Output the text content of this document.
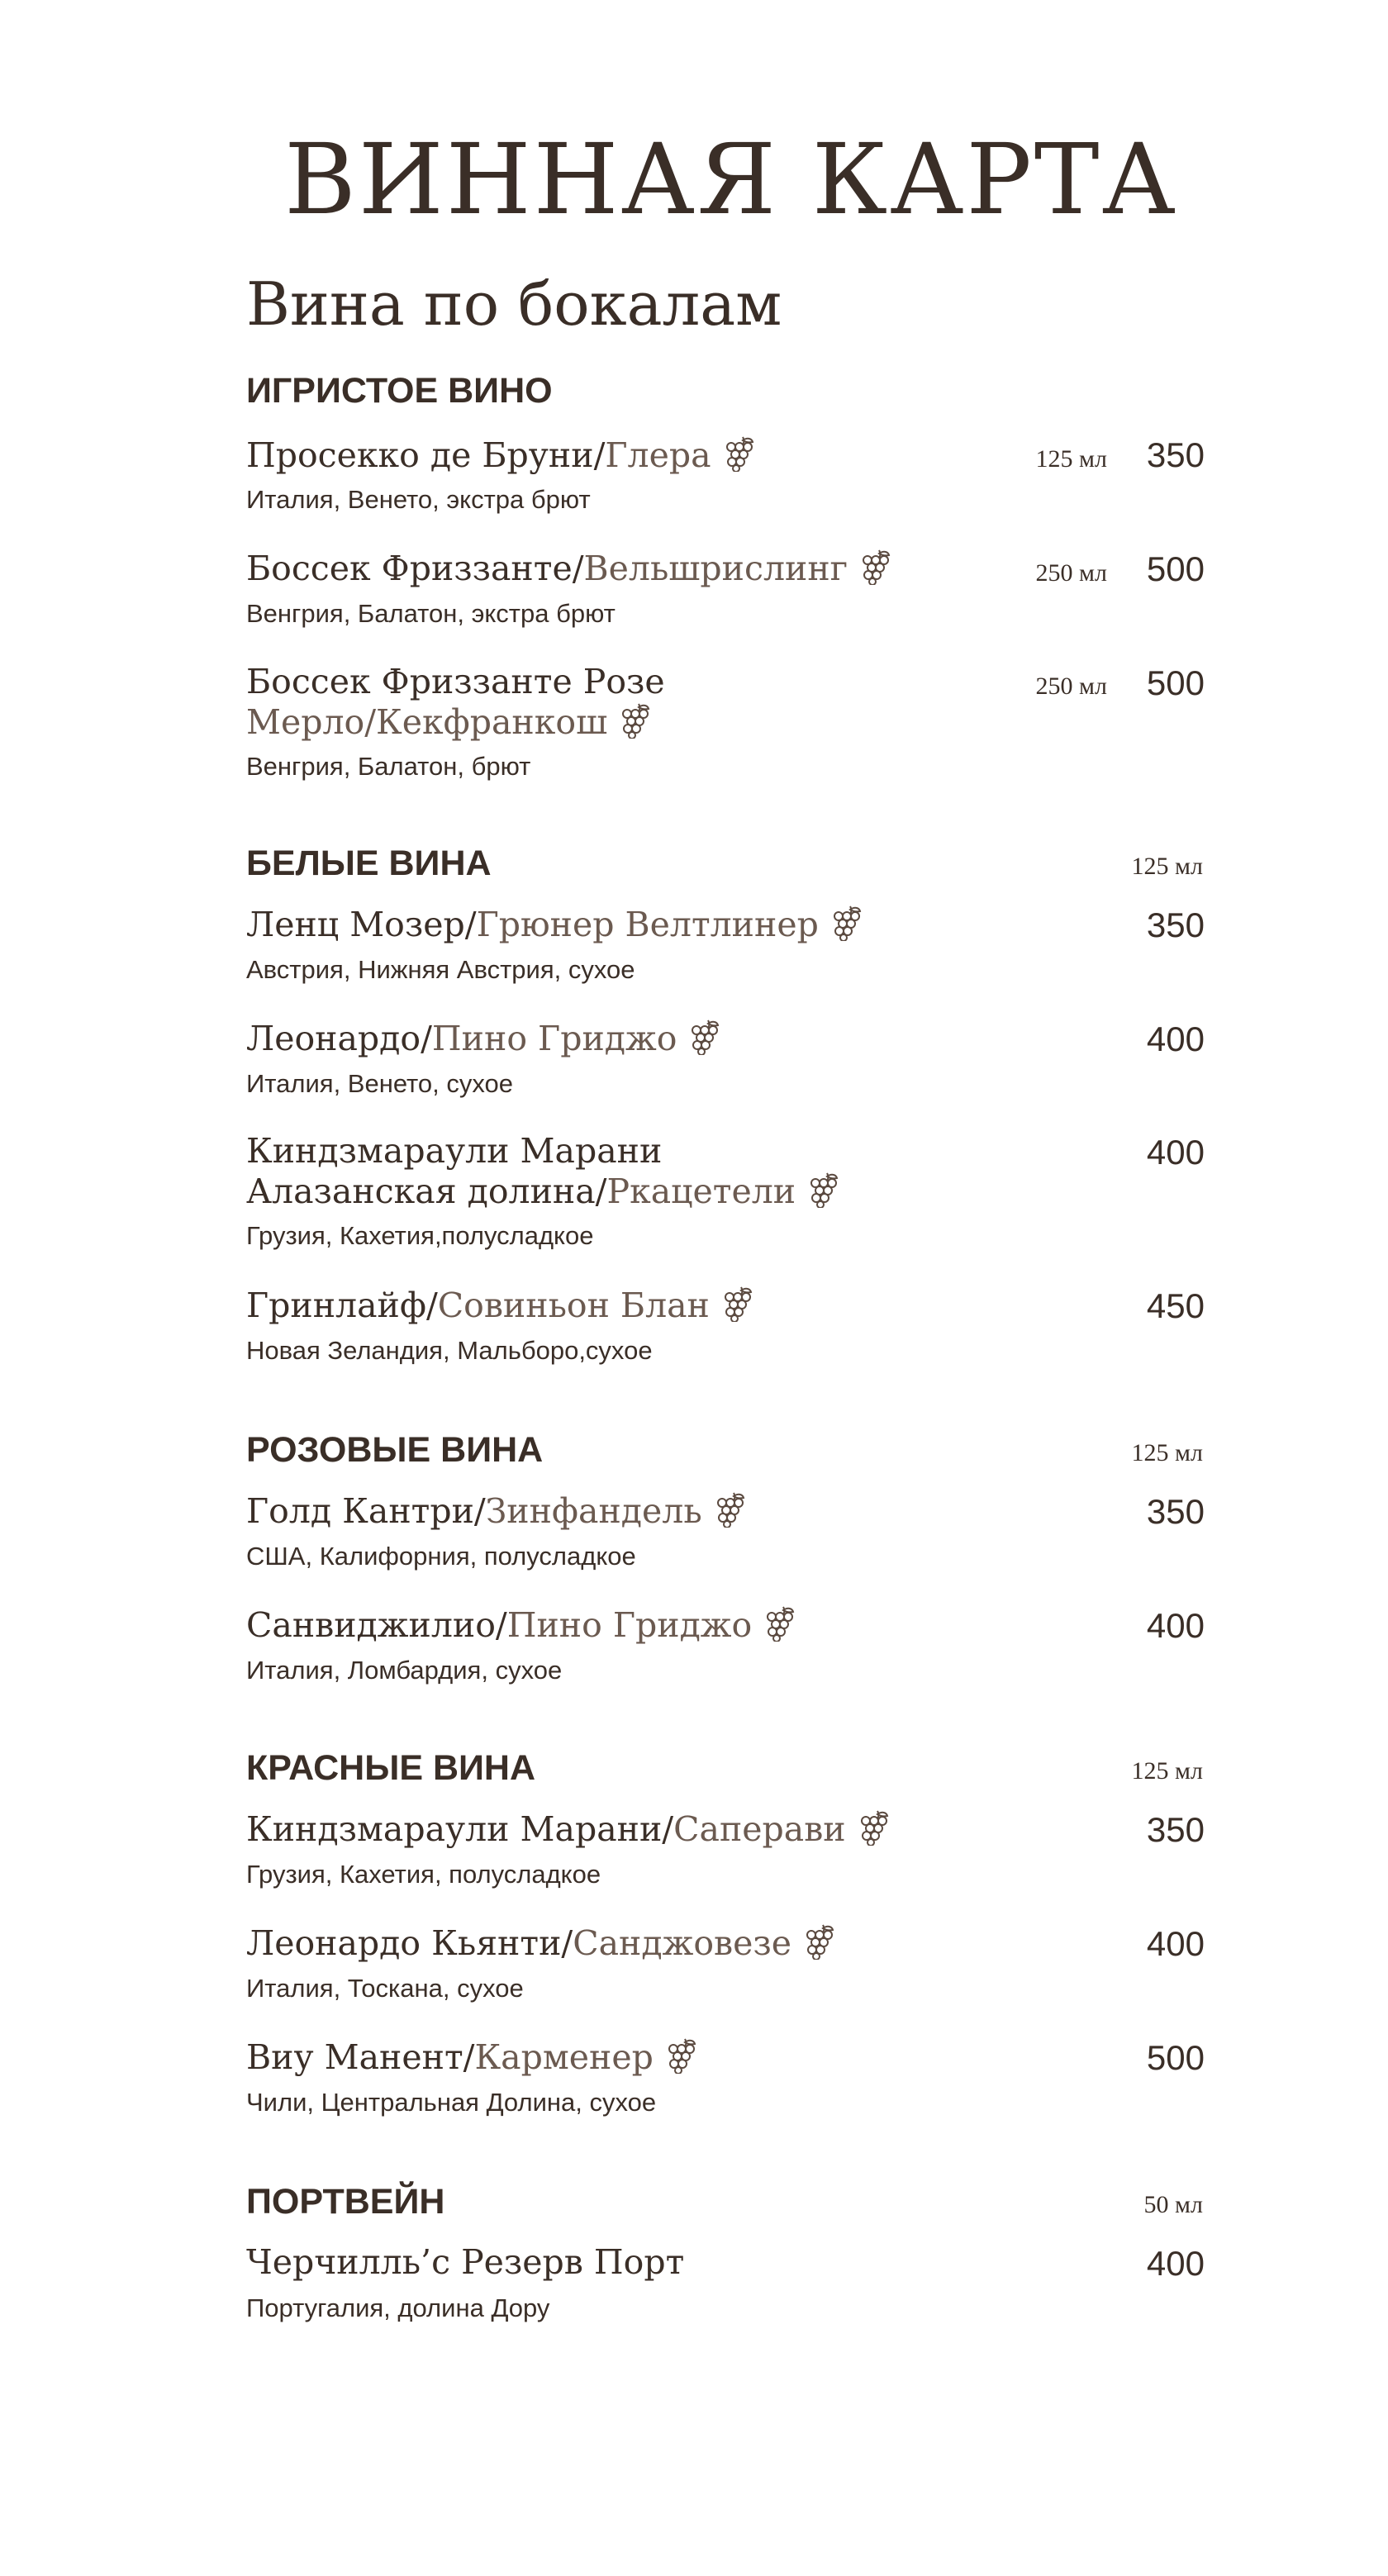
ВИННАЯ КАРТА
Вина по бокалам
ИГРИСТОЕ ВИНО
Просекко де Бруни/Глера	125 мл 350
Италия, Венето, экстра брют
Боссек Фриззанте/Вельшрислинг	250 мл 500
Венгрия, Балатон, экстра брют
Боссек Фриззанте Розе
Мерло/Кекфранкош
250 мл 500
Венгрия, Балатон, брют
БЕЛЫЕ ВИНА	125 мл
Ленц Мозер/Грюнер Велтлинер	350
Австрия, Нижняя Австрия, сухое
Леонардо/Пино Гриджо	400
Италия, Венето, сухое
Киндзмараули Марани
Алазанская долина/Ркацетели
400
Грузия, Кахетия,полусладкое
Гринлайф/Совиньон Блан	450
Новая Зеландия, Мальборо,сухое
РОЗОВЫЕ ВИНА	125 мл
Голд Кантри/Зинфандель	350
США, Калифорния, полусладкое
Санвиджилио/Пино Гриджо	400
Италия, Ломбардия, сухое
КРАСНЫЕ ВИНА	125 мл
Киндзмараули Марани/Саперави	350
Грузия, Кахетия, полусладкое
Леонардо Кьянти/Санджовезе	400
Италия, Тоскана, сухое
Виу Манент/Карменер	500
Чили, Центральная Долина, сухое
ПОРТВЕЙН	50 мл
Черчилль’с Резерв Порт	400
Португалия, долина Дору
